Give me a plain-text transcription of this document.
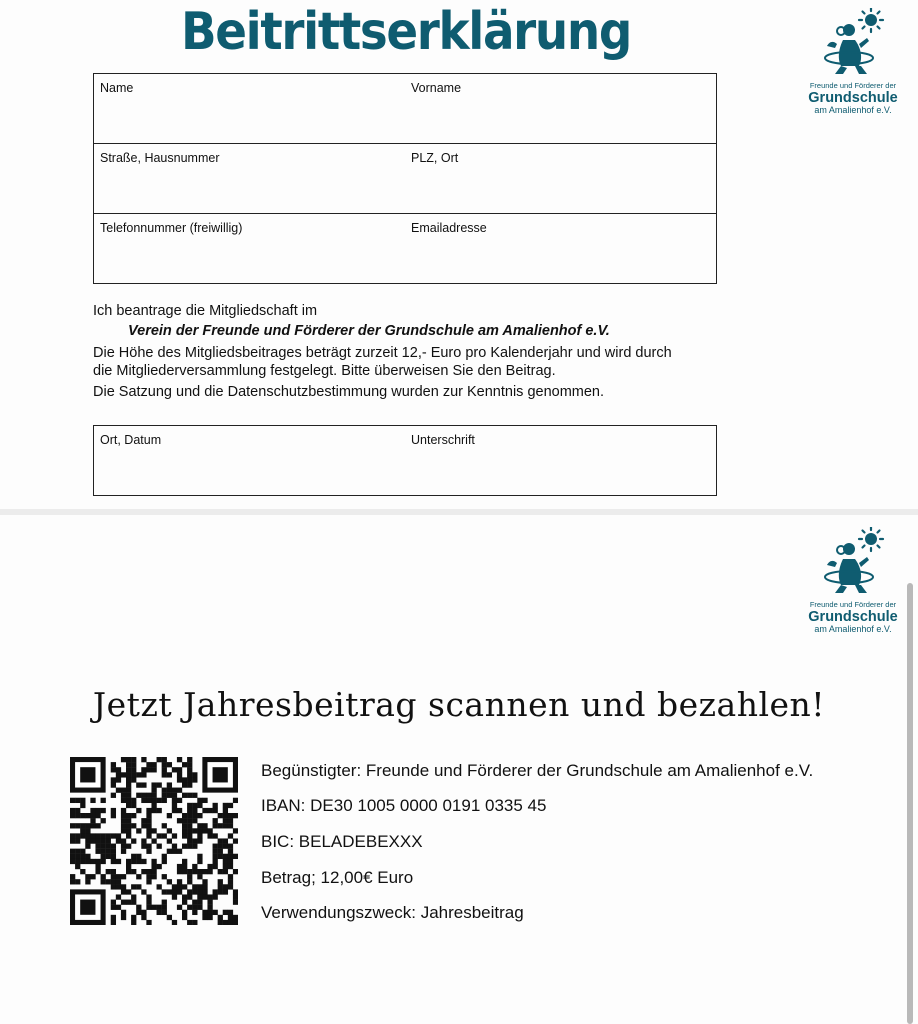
Beitrittserklärung
Freunde und Förderer der
Grundschule
am Amalienhof e.V.
Name	Vorname
Straße, Hausnummer	PLZ, Ort
Telefonnummer (freiwillig)	Emailadresse
Ich beantrage die Mitgliedschaft im
Verein der Freunde und Förderer der Grundschule am Amalienhof e.V.
Die Höhe des Mitgliedsbeitrages beträgt zurzeit 12,- Euro pro Kalenderjahr und wird durch
die Mitgliederversammlung festgelegt. Bitte überweisen Sie den Beitrag.
Die Satzung und die Datenschutzbestimmung wurden zur Kenntnis genommen.
Ort, Datum	Unterschrift
Freunde und Förderer der
Grundschule
am Amalienhof e.V.
Jetzt Jahresbeitrag scannen und bezahlen!
Begünstigter: Freunde und Förderer der Grundschule am Amalienhof e.V.
IBAN: DE30 1005 0000 0191 0335 45
BIC: BELADEBEXXX
Betrag; 12,00€ Euro
Verwendungszweck: Jahresbeitrag
